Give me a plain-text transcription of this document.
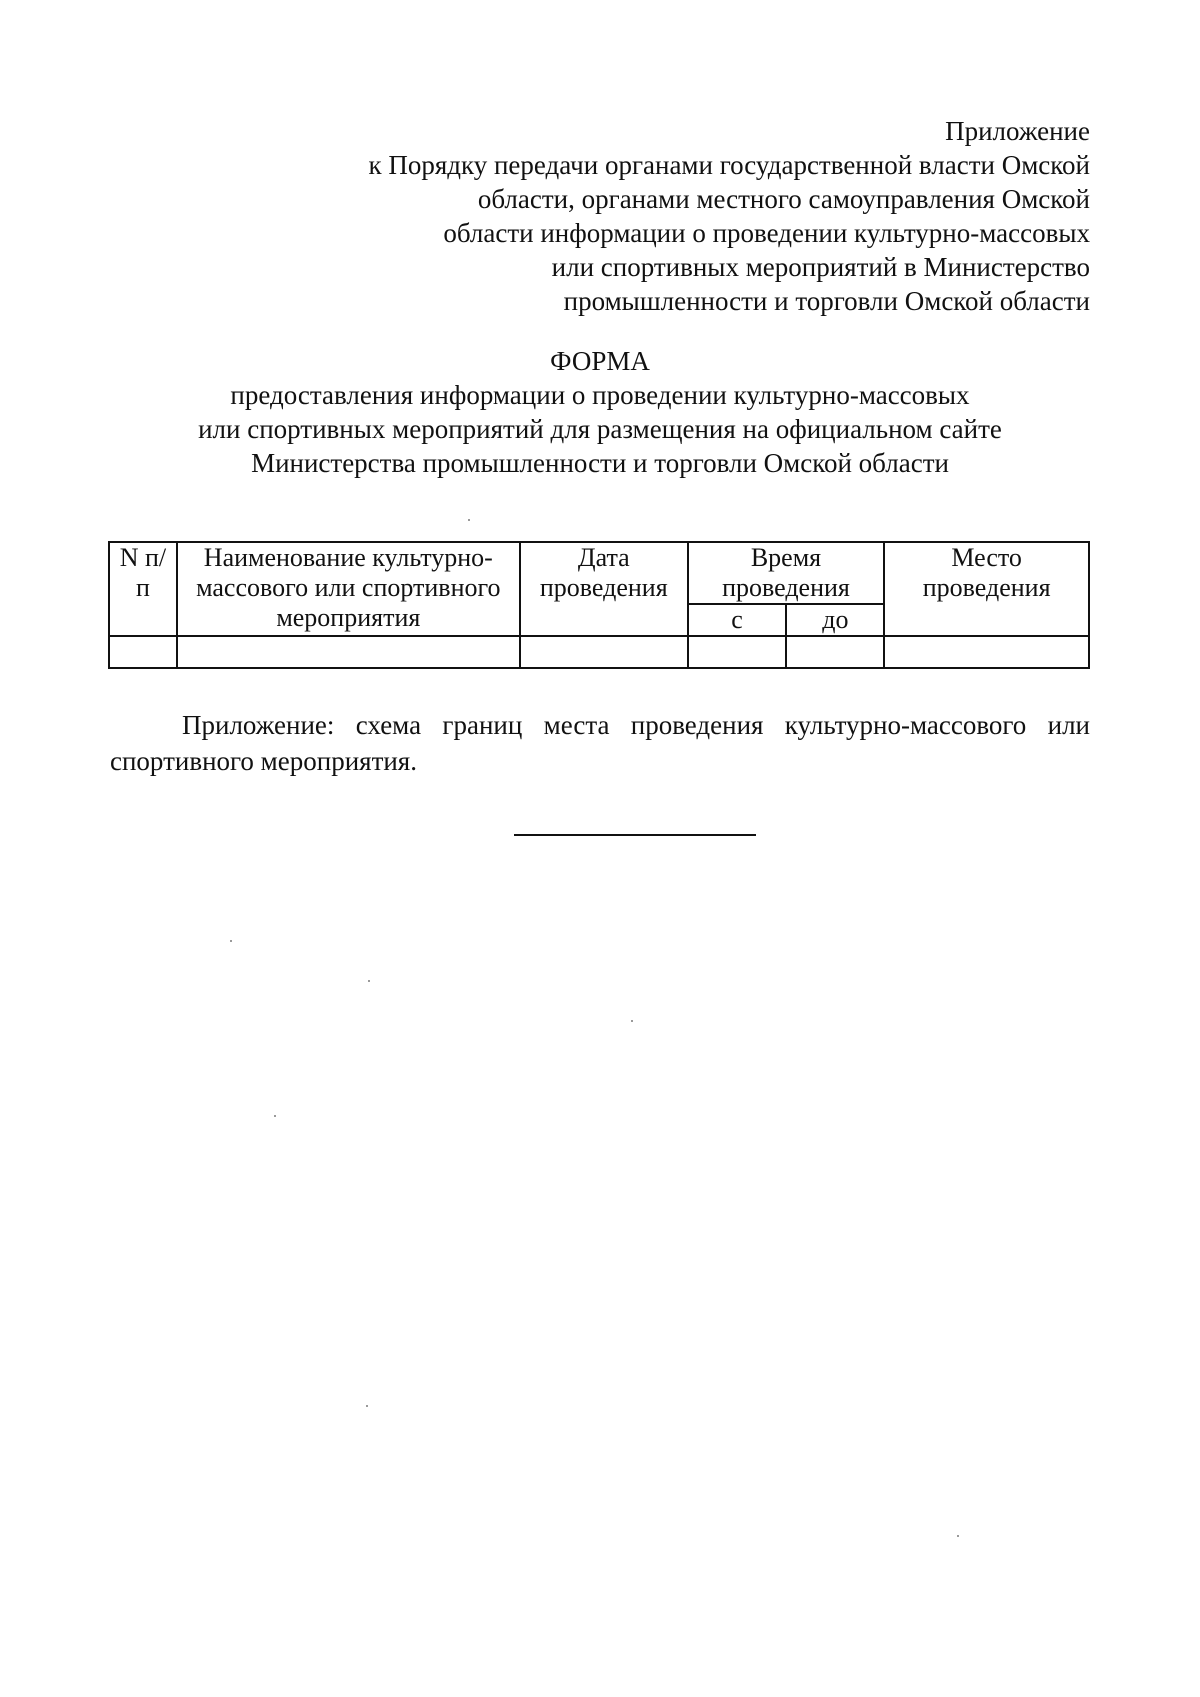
Приложение
к Порядку передачи органами государственной власти Омской
области, органами местного самоуправления Омской
области информации о проведении культурно-массовых
или спортивных мероприятий в Министерство
промышленности и торговли Омской области
ФОРМА
предоставления информации о проведении культурно-массовых
или спортивных мероприятий для размещения на официальном сайте
Министерства промышленности и торговли Омской области
N п/п	Наименование культурно-массового или спортивного мероприятия	Дата проведения	Время проведения		Место проведения
			с	до	

Приложение: схема границ места проведения культурно-массового или
спортивного мероприятия.
